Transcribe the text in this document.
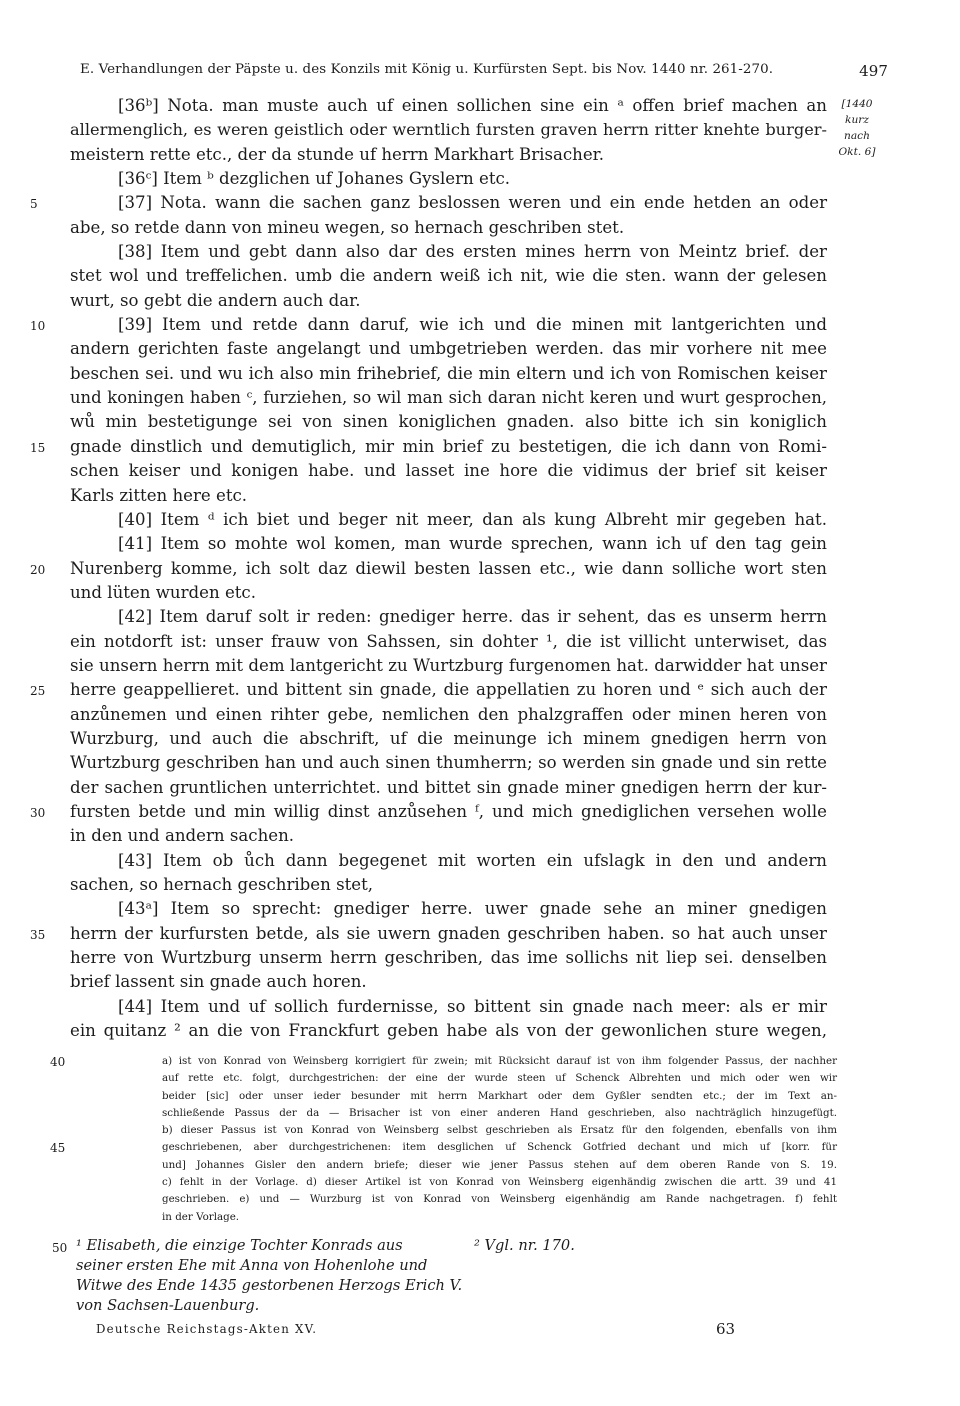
E. Verhandlungen der Päpste u. des Konzils mit König u. Kurfürsten Sept. bis Nov. 1440 nr. 261-270.	497
[1440
kurz
nach
Okt. 6]
[36ᵇ] Nota. man muste auch uf einen sollichen sine ein ᵃ offen brief machen an
allermenglich, es weren geistlich oder werntlich fursten graven herrn ritter knehte burger-
meistern rette etc., der da stunde uf herrn Markhart Brisacher.
[36ᶜ] Item ᵇ dezglichen uf Johanes Gyslern etc.
5	[37] Nota. wann die sachen ganz beslossen weren und ein ende hetden an oder
abe, so retde dann von mineu wegen, so hernach geschriben stet.
[38] Item und gebt dann also dar des ersten mines herrn von Meintz brief. der
stet wol und treffelichen. umb die andern weiß ich nit, wie die sten. wann der gelesen
wurt, so gebt die andern auch dar.
10	[39] Item und retde dann daruf, wie ich und die minen mit lantgerichten und
andern gerichten faste angelangt und umbgetrieben werden. das mir vorhere nit mee
beschen sei. und wu ich also min frihebrief, die min eltern und ich von Romischen keiser
und koningen haben ᶜ, furziehen, so wil man sich daran nicht keren und wurt gesprochen,
wů min bestetigunge sei von sinen koniglichen gnaden. also bitte ich sin koniglich
15	gnade dinstlich und demutiglich, mir min brief zu bestetigen, die ich dann von Romi-
schen keiser und konigen habe. und lasset ine hore die vidimus der brief sit keiser
Karls zitten here etc.
[40] Item ᵈ ich biet und beger nit meer, dan als kung Albreht mir gegeben hat.
[41] Item so mohte wol komen, man wurde sprechen, wann ich uf den tag gein
20	Nurenberg komme, ich solt daz diewil besten lassen etc., wie dann solliche wort sten
und lüten wurden etc.
[42] Item daruf solt ir reden: gnediger herre. das ir sehent, das es unserm herrn
ein notdorft ist: unser frauw von Sahssen, sin dohter ¹, die ist villicht unterwiset, das
sie unsern herrn mit dem lantgericht zu Wurtzburg furgenomen hat. darwidder hat unser
25	herre geappellieret. und bittent sin gnade, die appellatien zu horen und ᵉ sich auch der
anzůnemen und einen rihter gebe, nemlichen den phalzgraffen oder minen heren von
Wurzburg, und auch die abschrift, uf die meinunge ich minem gnedigen herrn von
Wurtzburg geschriben han und auch sinen thumherrn; so werden sin gnade und sin rette
der sachen gruntlichen unterrichtet. und bittet sin gnade miner gnedigen herrn der kur-
30	fursten betde und min willig dinst anzůsehen ᶠ, und mich gnediglichen versehen wolle
in den und andern sachen.
[43] Item ob ůch dann begegenet mit worten ein ufslagk in den und andern
sachen, so hernach geschriben stet,
[43ᵃ] Item so sprecht: gnediger herre. uwer gnade sehe an miner gnedigen
35	herrn der kurfursten betde, als sie uwern gnaden geschriben haben. so hat auch unser
herre von Wurtzburg unserm herrn geschriben, das ime sollichs nit liep sei. denselben
brief lassent sin gnade auch horen.
[44] Item und uf sollich furdernisse, so bittent sin gnade nach meer: als er mir
ein quitanz ² an die von Franckfurt geben habe als von der gewonlichen sture wegen,
40	a) ist von Konrad von Weinsberg korrigiert für zwein; mit Rücksicht darauf ist von ihm folgender Passus, der nachher
auf rette etc. folgt, durchgestrichen: der eine der wurde steen uf Schenck Albrehten und mich oder wen wir
beider [sic] oder unser ieder besunder mit herrn Markhart oder dem Gyßler sendten etc.; der im Text an-
schließende Passus der da — Brisacher ist von einer anderen Hand geschrieben, also nachträglich hinzugefügt.
b) dieser Passus ist von Konrad von Weinsberg selbst geschrieben als Ersatz für den folgenden, ebenfalls von ihm
45	geschriebenen, aber durchgestrichenen: item desglichen uf Schenck Gotfried dechant und mich uf [korr. für
und] Johannes Gisler den andern briefe; dieser wie jener Passus stehen auf dem oberen Rande von S. 19.
c) fehlt in der Vorlage. d) dieser Artikel ist von Konrad von Weinsberg eigenhändig zwischen die artt. 39 und 41
geschrieben. e) und — Wurzburg ist von Konrad von Weinsberg eigenhändig am Rande nachgetragen. f) fehlt
in der Vorlage.
50 ¹ Elisabeth, die einzige Tochter Konrads aus
seiner ersten Ehe mit Anna von Hohenlohe und
Witwe des Ende 1435 gestorbenen Herzogs Erich V.
von Sachsen-Lauenburg.
² Vgl. nr. 170.
Deutsche Reichstags-Akten XV.	63
